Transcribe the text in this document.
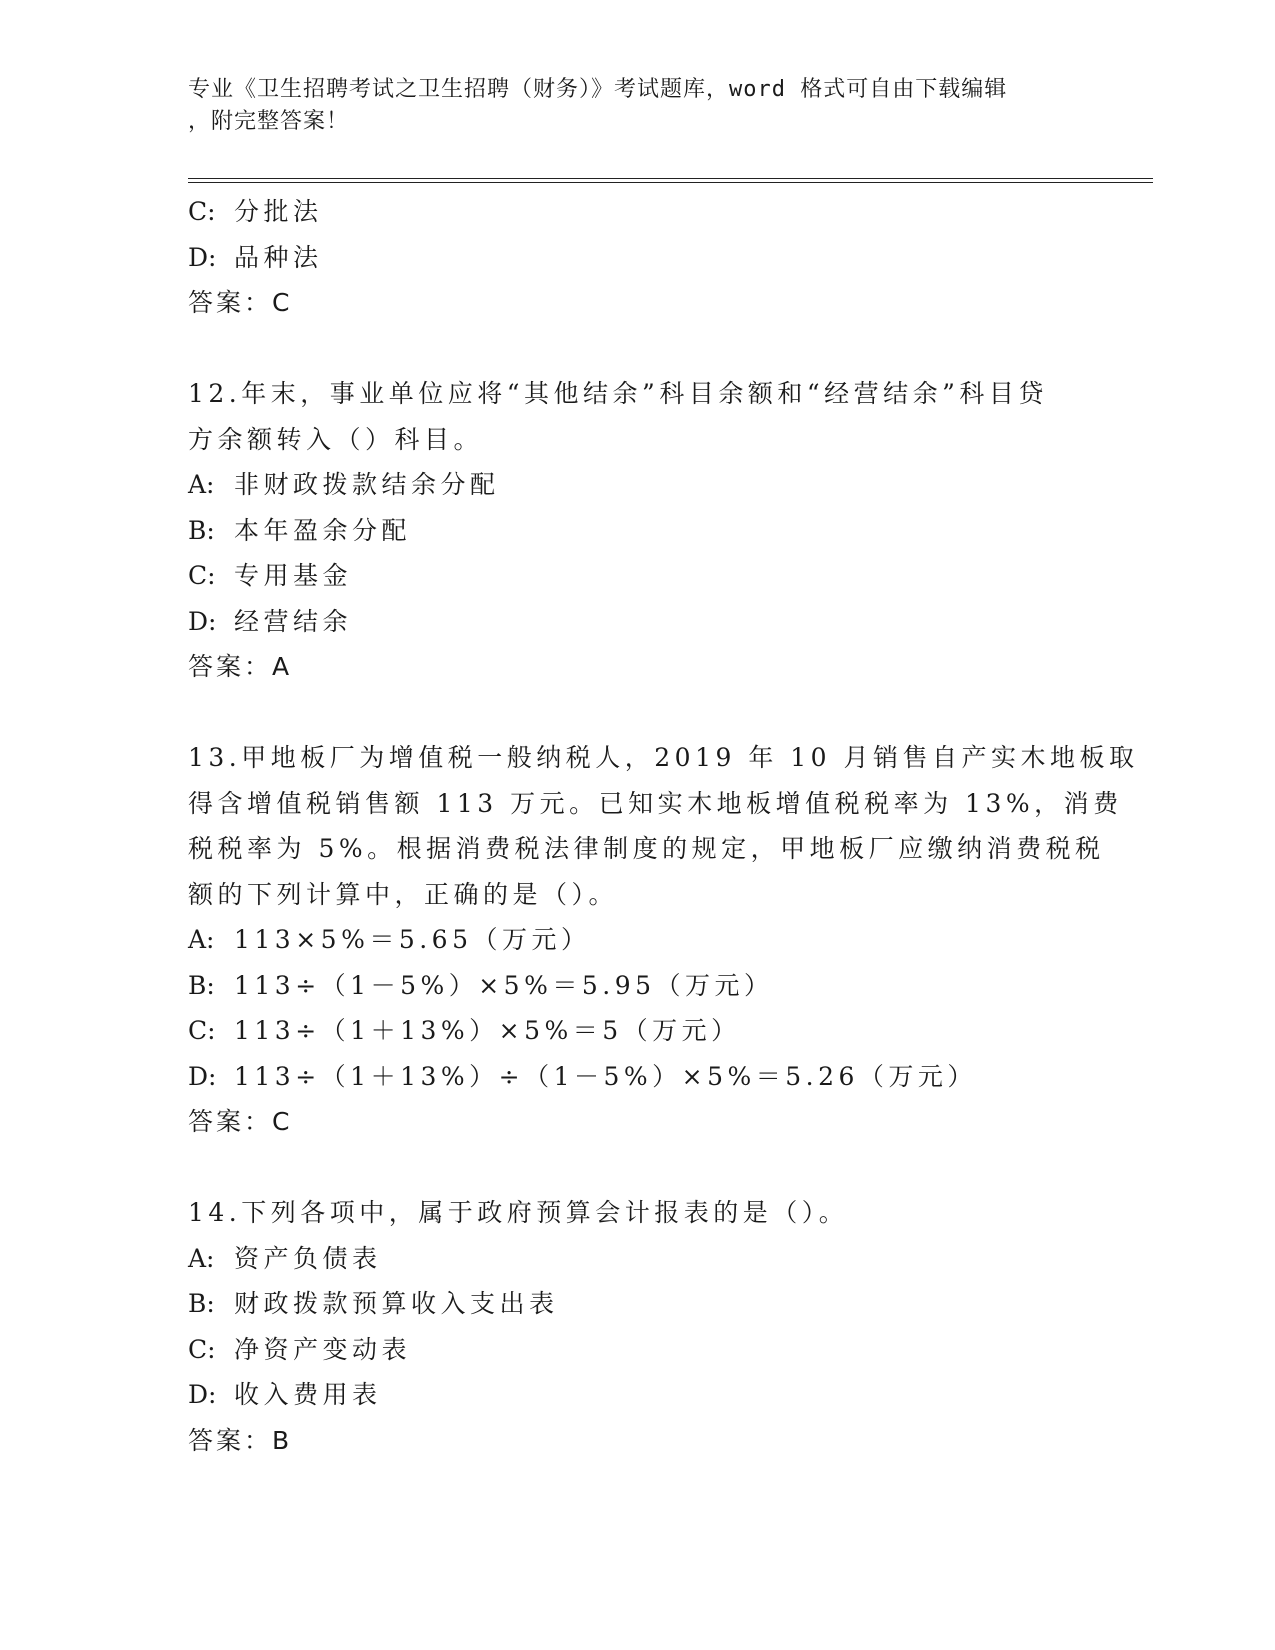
专业《卫生招聘考试之卫生招聘（财务）》考试题库，word 格式可自由下载编辑
，附完整答案！
C: 分批法
D: 品种法
答案：C
12.年末，事业单位应将“其他结余”科目余额和“经营结余”科目贷
方余额转入（）科目。
A: 非财政拨款结余分配
B: 本年盈余分配
C: 专用基金
D: 经营结余
答案：A
13.甲地板厂为增值税一般纳税人，2019 年 10 月销售自产实木地板取
得含增值税销售额 113 万元。已知实木地板增值税税率为 13%，消费
税税率为 5%。根据消费税法律制度的规定，甲地板厂应缴纳消费税税
额的下列计算中，正确的是（）。
A: 113×5%＝5.65（万元）
B: 113÷（1－5%）×5%＝5.95（万元）
C: 113÷（1＋13%）×5%＝5（万元）
D: 113÷（1＋13%）÷（1－5%）×5%＝5.26（万元）
答案：C
14.下列各项中，属于政府预算会计报表的是（）。
A: 资产负债表
B: 财政拨款预算收入支出表
C: 净资产变动表
D: 收入费用表
答案：B
